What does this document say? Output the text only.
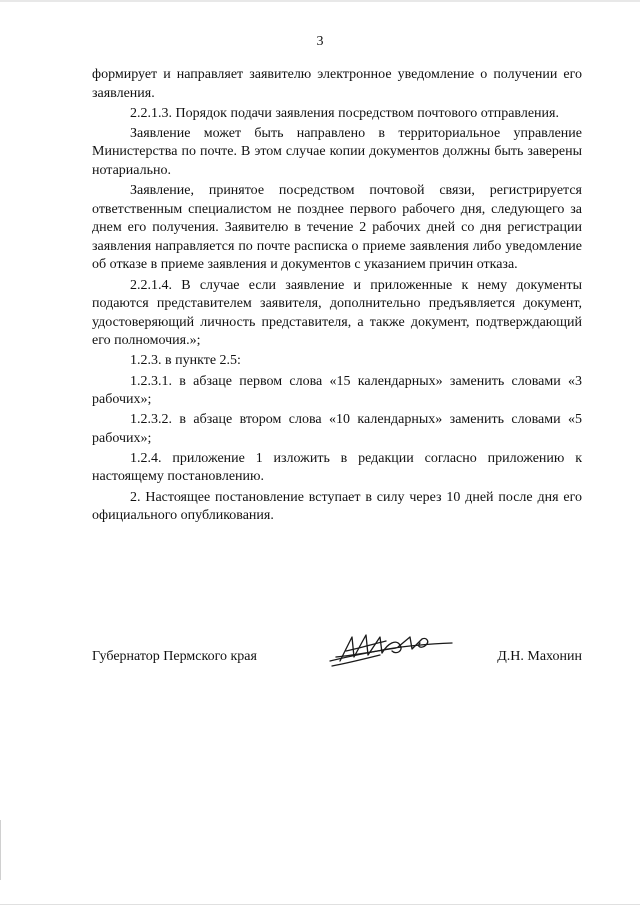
3

формирует и направляет заявителю электронное уведомление о получении его заявления.

2.2.1.3. Порядок подачи заявления посредством почтового отправления.

Заявление может быть направлено в территориальное управление Министерства по почте. В этом случае копии документов должны быть заверены нотариально.

Заявление, принятое посредством почтовой связи, регистрируется ответственным специалистом не позднее первого рабочего дня, следующего за днем его получения. Заявителю в течение 2 рабочих дней со дня регистрации заявления направляется по почте расписка о приеме заявления либо уведомление об отказе в приеме заявления и документов с указанием причин отказа.

2.2.1.4. В случае если заявление и приложенные к нему документы подаются представителем заявителя, дополнительно предъявляется документ, удостоверяющий личность представителя, а также документ, подтверждающий его полномочия.»;

1.2.3. в пункте 2.5:

1.2.3.1. в абзаце первом слова «15 календарных» заменить словами «3 рабочих»;

1.2.3.2. в абзаце втором слова «10 календарных» заменить словами «5 рабочих»;

1.2.4. приложение 1 изложить в редакции согласно приложению к настоящему постановлению.

2. Настоящее постановление вступает в силу через 10 дней после дня его официального опубликования.

Губернатор Пермского края	Д.Н. Махонин
